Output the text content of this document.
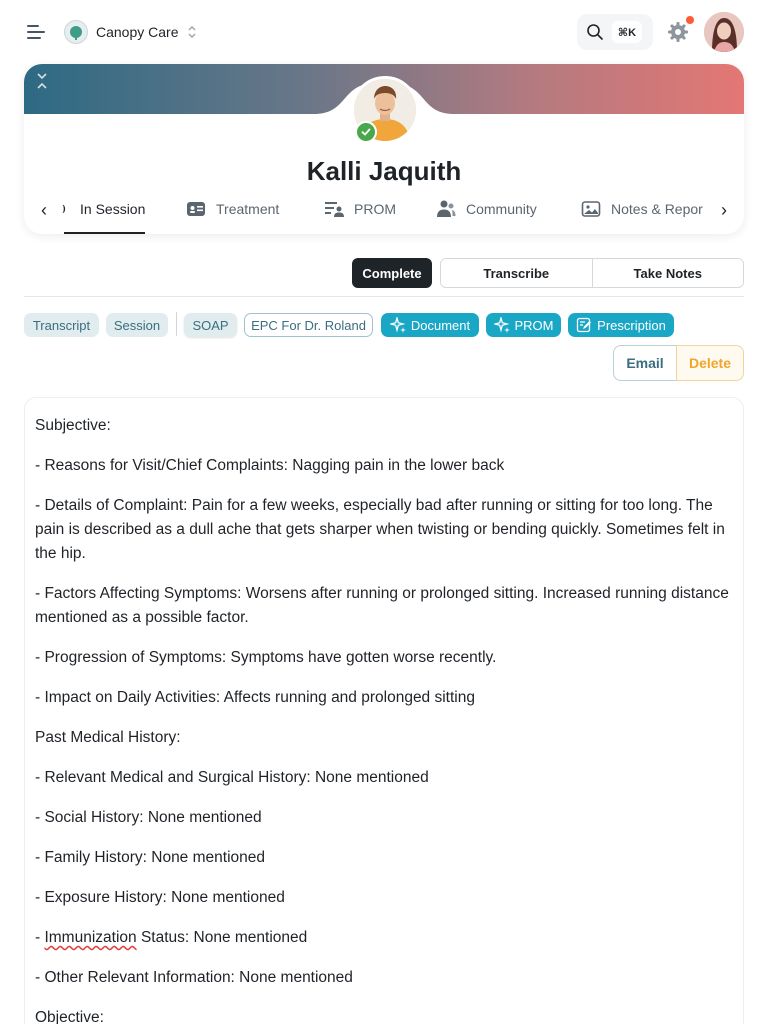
Canopy Care	⌘K
Kalli Jaquith
‹	In Session	Treatment	PROM	Community	Notes & Repor	›
Complete	Transcribe	Take Notes
Transcript	Session	SOAP	EPC For Dr. Roland	Document	PROM	Prescription
Email	Delete

Subjective:

- Reasons for Visit/Chief Complaints: Nagging pain in the lower back

- Details of Complaint: Pain for a few weeks, especially bad after running or sitting for too long. The pain is described as a dull ache that gets sharper when twisting or bending quickly. Sometimes felt in the hip.

- Factors Affecting Symptoms: Worsens after running or prolonged sitting. Increased running distance mentioned as a possible factor.

- Progression of Symptoms: Symptoms have gotten worse recently.

- Impact on Daily Activities: Affects running and prolonged sitting

Past Medical History:

- Relevant Medical and Surgical History: None mentioned

- Social History: None mentioned

- Family History: None mentioned

- Exposure History: None mentioned

- Immunization Status: None mentioned

- Other Relevant Information: None mentioned

Objective:
